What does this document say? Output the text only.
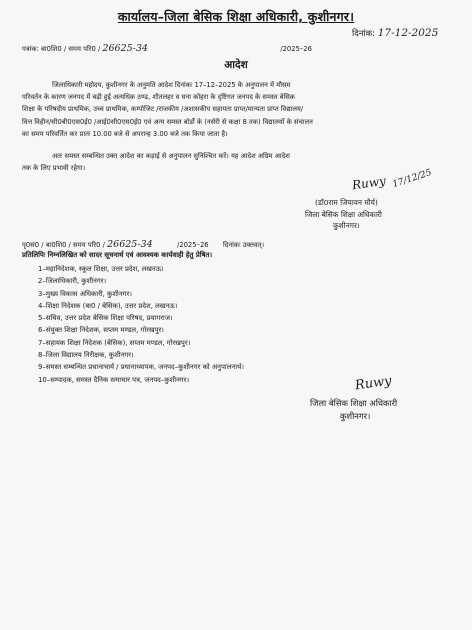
कार्यालय–जिला बेसिक शिक्षा अधिकारी, कुशीनगर।
दिनांक: 17-12-2025
पत्रांक: बा0शि0 / समय परि0 / 26625-34	/2025–26
आदेश
जिलाधिकारी महोदय, कुशीनगर के अनुमति आदेश दिनांकः 17–12–2025 के अनुपालन में मौसम
परिवर्तन के कारण जनपद में बढ़ी हुई अत्यधिक ठण्ढ, शीतलहर व घना कोहरा के दृष्टिगत जनपद के समस्त बेसिक
शिक्षा के परिषदीय प्राथमिक, उच्च प्राथमिक, कम्पोजिट /राजकीय /अशासकीय सहायता प्राप्त/मान्यता प्राप्त विद्यालय/
वित्त विहीन/सी0बी0एस0ई0 /आई0सी0एस0ई0 एवं अन्य समस्त बोर्डो के (नर्सरी से कक्षा 8 तक) विद्यालयों के संचालन
का समय परिवर्तित कर प्रातः 10.00 बजे से अपरान्ह 3.00 बजे तक किया जाता है।
अतः समस्त सम्बन्धित उक्त आदेश का कड़ाई से अनुपालन सुनिश्चित करें। यह आदेश अग्रिम आदेश
तक के लिए प्रभावी रहेगा।
Ruwy 17/12/25
(डॉ0राम जियावन मौर्य)
जिला बेसिक शिक्षा अधिकारी
कुशीनगर।
पृ0सं0 / बा0शि0 / समय परि0 / 26625-34	/2025–26 दिनांकः उक्तवत्।
प्रतिलिपिः निम्नलिखित को सादर सूचनार्थ एवं आवश्यक कार्यवाही हेतु प्रेषित।
1–महानिदेशक, स्कूल शिक्षा, उत्तर प्रदेश, लखनऊ।
2–जिलाधिकारी, कुशीनगर।
3–मुख्य विकास अधिकारी, कुशीनगर।
4–शिक्षा निदेशक (बा0 / बेसिक), उत्तर प्रदेश, लखनऊ।
5–सचिव, उत्तर प्रदेश बेसिक शिक्षा परिषद, प्रयागराज।
6–संयुक्त शिक्षा निदेशक, सप्तम मण्डल, गोरखपुर।
7–सहायक शिक्षा निदेशक (बेसिक), सप्तम मण्डल, गोरखपुर।
8–जिला विद्यालय निरीक्षक, कुशीनगर।
9–समस्त सम्बन्धित प्रधानाचार्य / प्रधानाध्यापक, जनपद–कुशीनगर को अनुपालनार्थ।
10–सम्पादक, समस्त दैनिक समाचार पत्र, जनपद–कुशीनगर।	Ruwy
जिला बेसिक शिक्षा अधिकारी
कुशीनगर।
